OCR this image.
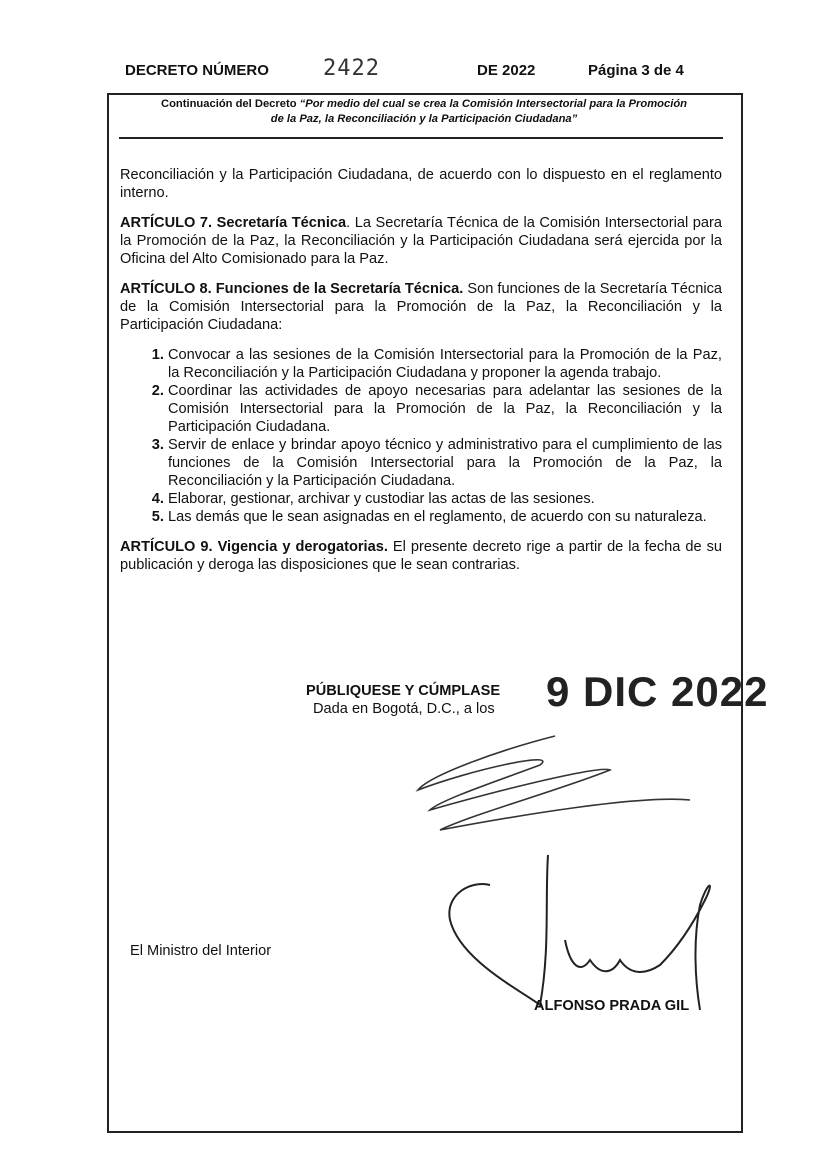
DECRETO NÚMERO 2422	DE 2022	Página 3 de 4
Continuación del Decreto “Por medio del cual se crea la Comisión Intersectorial para la Promoción
de la Paz, la Reconciliación y la Participación Ciudadana”

Reconciliación y la Participación Ciudadana, de acuerdo con lo dispuesto en el reglamento interno.

ARTÍCULO 7. Secretaría Técnica. La Secretaría Técnica de la Comisión Intersectorial para la Promoción de la Paz, la Reconciliación y la Participación Ciudadana será ejercida por la Oficina del Alto Comisionado para la Paz.

ARTÍCULO 8. Funciones de la Secretaría Técnica. Son funciones de la Secretaría Técnica de la Comisión Intersectorial para la Promoción de la Paz, la Reconciliación y la Participación Ciudadana:

1. Convocar a las sesiones de la Comisión Intersectorial para la Promoción de la Paz, la Reconciliación y la Participación Ciudadana y proponer la agenda trabajo.
2. Coordinar las actividades de apoyo necesarias para adelantar las sesiones de la Comisión Intersectorial para la Promoción de la Paz, la Reconciliación y la Participación Ciudadana.
3. Servir de enlace y brindar apoyo técnico y administrativo para el cumplimiento de las funciones de la Comisión Intersectorial para la Promoción de la Paz, la Reconciliación y la Participación Ciudadana.
4. Elaborar, gestionar, archivar y custodiar las actas de las sesiones.
5. Las demás que le sean asignadas en el reglamento, de acuerdo con su naturaleza.

ARTÍCULO 9. Vigencia y derogatorias. El presente decreto rige a partir de la fecha de su publicación y deroga las disposiciones que le sean contrarias.

PÚBLIQUESE Y CÚMPLASE
Dada en Bogotá, D.C., a los 9 DIC 2022
El Ministro del Interior
ALFONSO PRADA GIL
